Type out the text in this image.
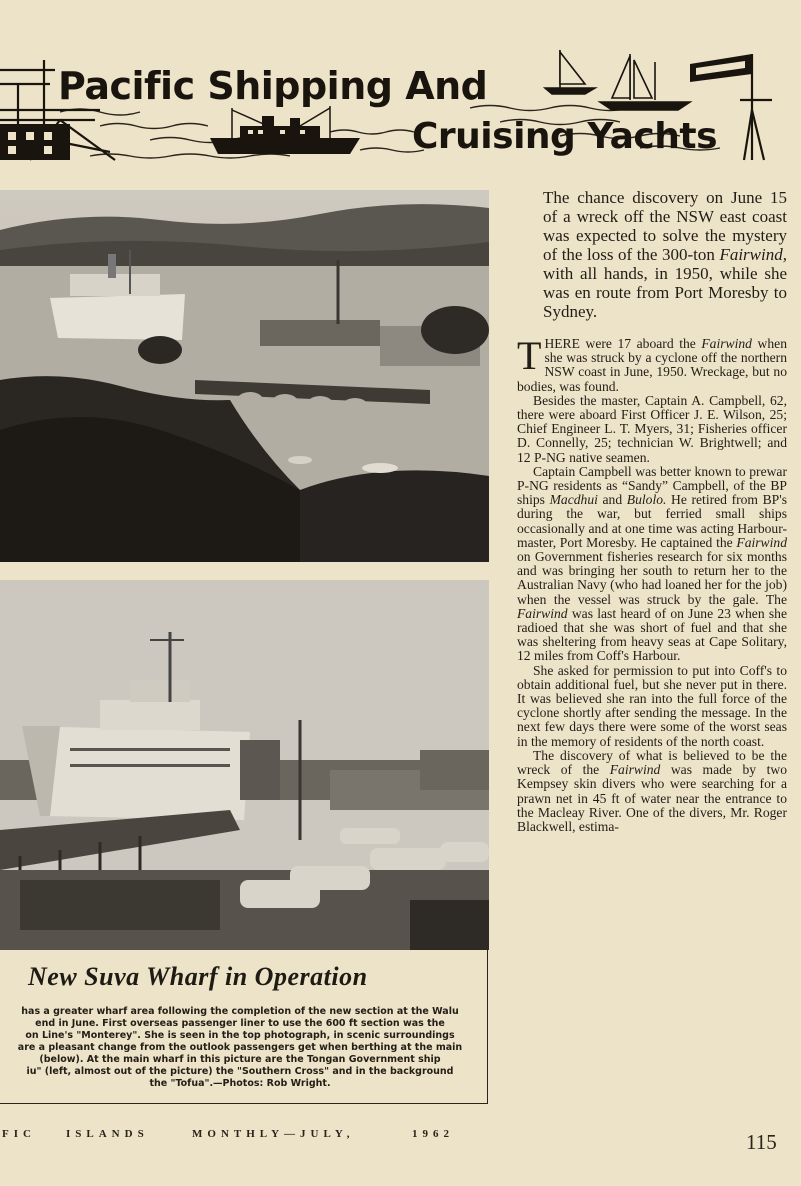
Pacific Shipping And
Cruising Yachts
New Suva Wharf in Operation
has a greater wharf area following the completion of the new section at the Walu
end in June. First overseas passenger liner to use the 600 ft section was the
on Line's "Monterey". She is seen in the top photograph, in scenic surroundings
are a pleasant change from the outlook passengers get when berthing at the main
(below). At the main wharf in this picture are the Tongan Government ship
iu" (left, almost out of the picture) the "Southern Cross" and in the background
the "Tofua".—Photos: Rob Wright.

The chance discovery on June 15 of a wreck off the NSW east coast was expected to solve the mystery of the loss of the 300-ton Fairwind, with all hands, in 1950, while she was en route from Port Moresby to Sydney.

THERE were 17 aboard the Fairwind when she was struck by a cyclone off the northern NSW coast in June, 1950. Wreckage, but no bodies, was found.

Besides the master, Captain A. Campbell, 62, there were aboard First Officer J. E. Wilson, 25; Chief Engineer L. T. Myers, 31; Fisheries officer D. Connelly, 25; technician W. Brightwell; and 12 P-NG native seamen.

Captain Campbell was better known to prewar P-NG residents as “Sandy” Campbell, of the BP ships Macdhui and Bulolo. He retired from BP's during the war, but ferried small ships occasionally and at one time was acting Harbour-master, Port Moresby. He captained the Fairwind on Government fisheries research for six months and was bringing her south to return her to the Australian Navy (who had loaned her for the job) when the vessel was struck by the gale. The Fairwind was last heard of on June 23 when she radioed that she was short of fuel and that she was sheltering from heavy seas at Cape Solitary, 12 miles from Coff's Harbour.

She asked for permission to put into Coff's to obtain additional fuel, but she never put in there. It was believed she ran into the full force of the cyclone shortly after sending the message. In the next few days there were some of the worst seas in the memory of residents of the north coast.

The discovery of what is believed to be the wreck of the Fairwind was made by two Kempsey skin divers who were searching for a prawn net in 45 ft of water near the entrance to the Macleay River. One of the divers, Mr. Roger Blackwell, estima-

FIC	ISLANDS	MONTHLY—JULY,	1962	115
